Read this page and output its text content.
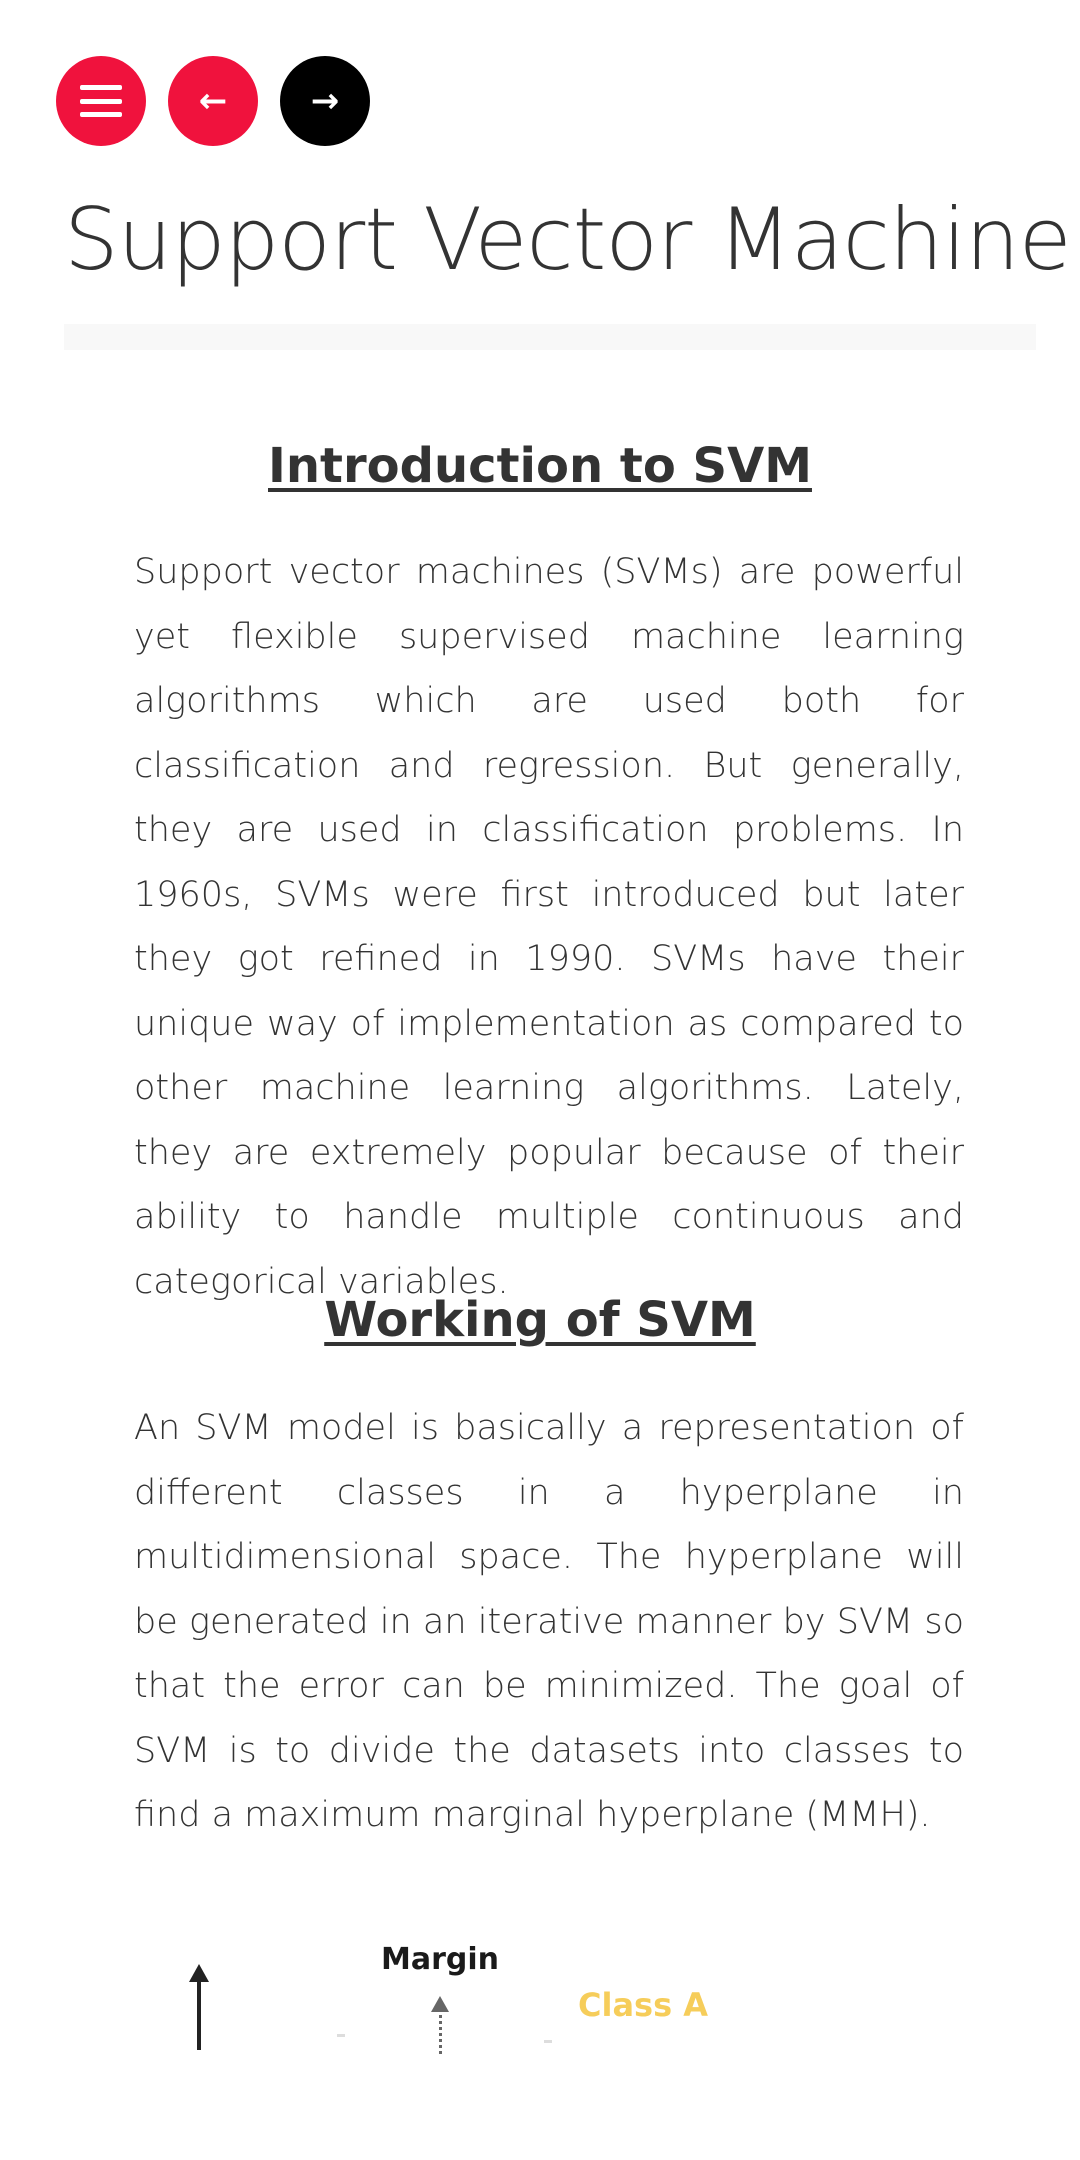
← →
Support Vector Machine
Introduction to SVM

Support vector machines (SVMs) are powerful yet flexible supervised machine learning algorithms which are used both for classification and regression. But generally, they are used in classification problems. In 1960s, SVMs were first introduced but later they got refined in 1990. SVMs have their unique way of implementation as compared to other machine learning algorithms. Lately, they are extremely popular because of their ability to handle multiple continuous and categorical variables.

Working of SVM

An SVM model is basically a representation of different classes in a hyperplane in multidimensional space. The hyperplane will be generated in an iterative manner by SVM so that the error can be minimized. The goal of SVM is to divide the datasets into classes to find a maximum marginal hyperplane (MMH).

Margin
Class A
